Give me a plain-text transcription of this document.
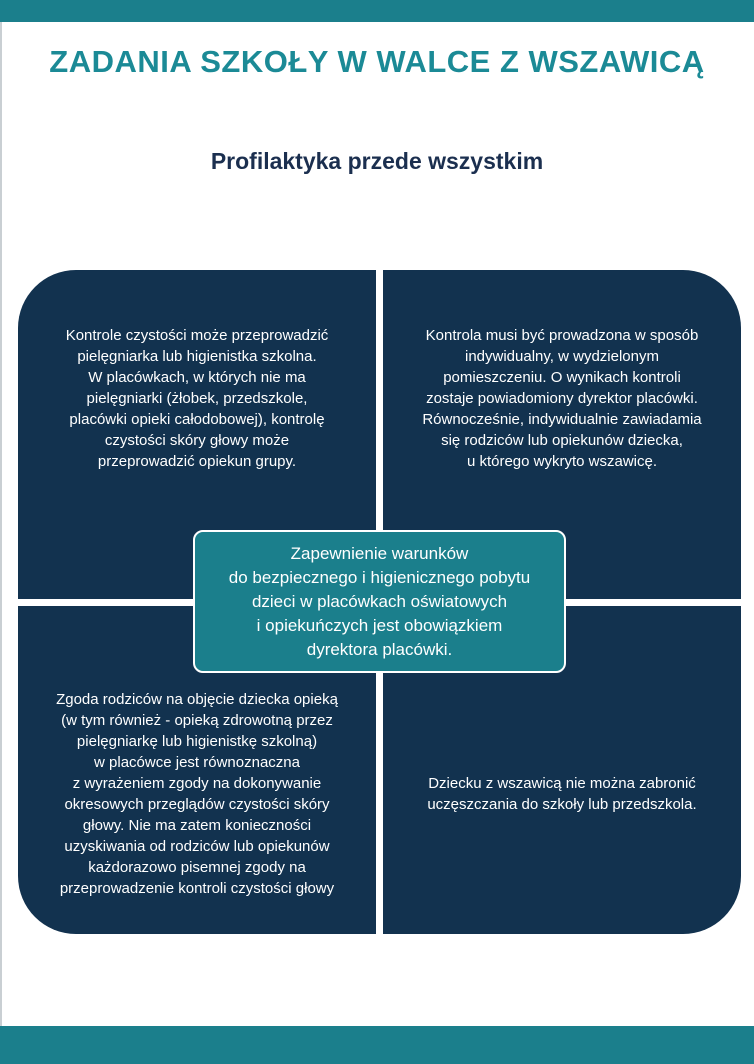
ZADANIA SZKOŁY W WALCE Z WSZAWICĄ
Profilaktyka przede wszystkim
Kontrole czystości może przeprowadzić
pielęgniarka lub higienistka szkolna.
W placówkach, w których nie ma
pielęgniarki (żłobek, przedszkole,
placówki opieki całodobowej), kontrolę
czystości skóry głowy może
przeprowadzić opiekun grupy.
Kontrola musi być prowadzona w sposób
indywidualny, w wydzielonym
pomieszczeniu. O wynikach kontroli
zostaje powiadomiony dyrektor placówki.
Równocześnie, indywidualnie zawiadamia
się rodziców lub opiekunów dziecka,
u którego wykryto wszawicę.
Zgoda rodziców na objęcie dziecka opieką
(w tym również - opieką zdrowotną przez
pielęgniarkę lub higienistkę szkolną)
w placówce jest równoznaczna
z wyrażeniem zgody na dokonywanie
okresowych przeglądów czystości skóry
głowy. Nie ma zatem konieczności
uzyskiwania od rodziców lub opiekunów
każdorazowo pisemnej zgody na
przeprowadzenie kontroli czystości głowy
Dziecku z wszawicą nie można zabronić
uczęszczania do szkoły lub przedszkola.
Zapewnienie warunków
do bezpiecznego i higienicznego pobytu
dzieci w placówkach oświatowych
i opiekuńczych jest obowiązkiem
dyrektora placówki.
